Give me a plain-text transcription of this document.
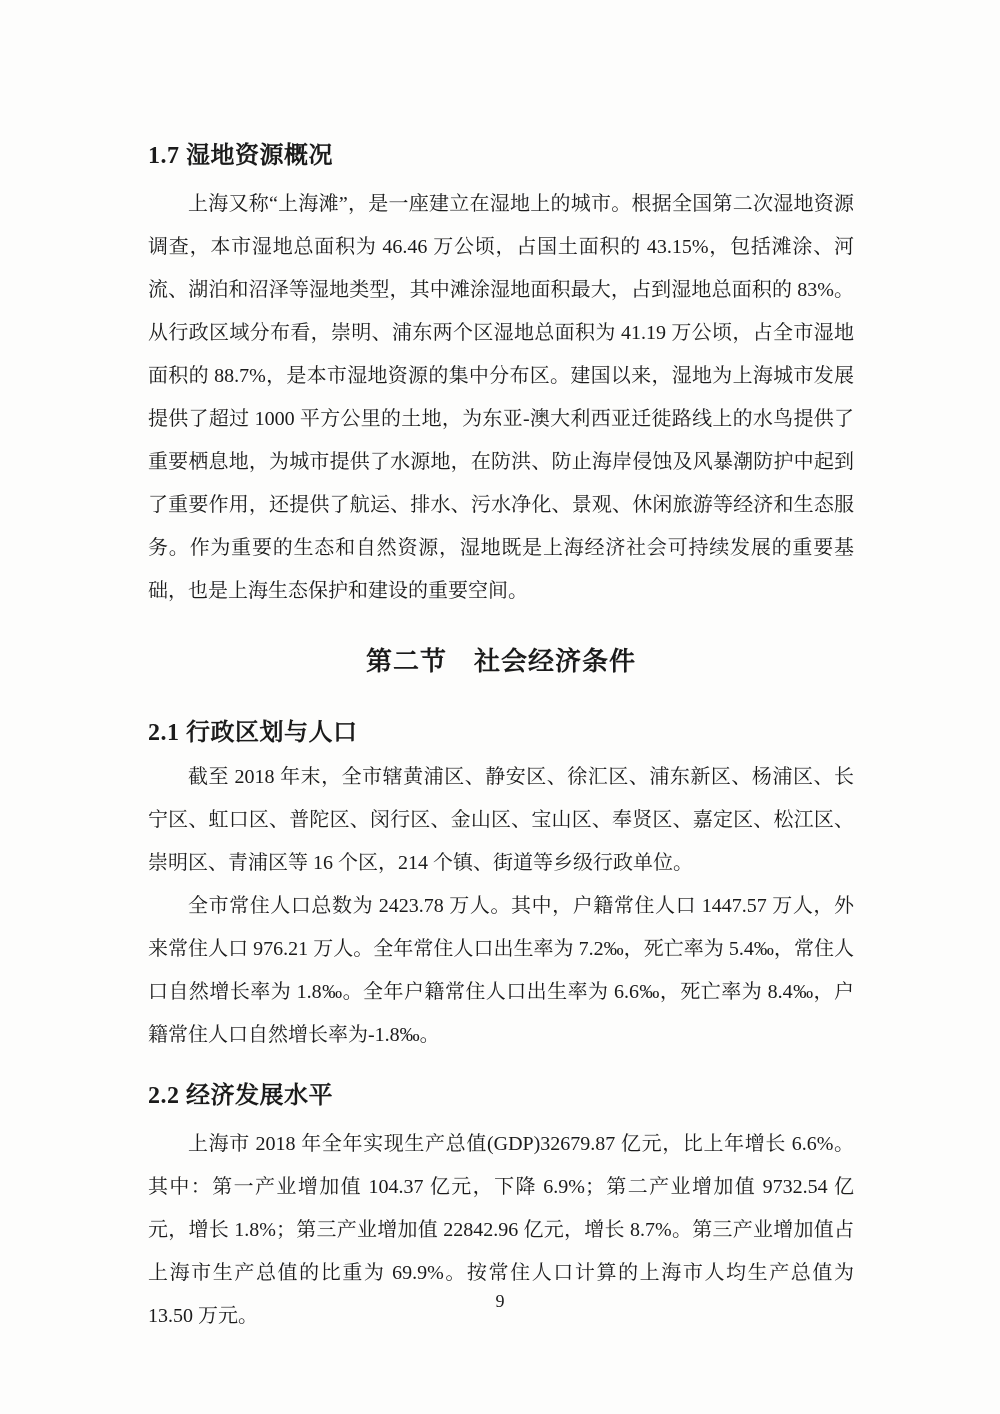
1.7 湿地资源概况

上海又称“上海滩”，是一座建立在湿地上的城市。根据全国第二次湿地资源调查，本市湿地总面积为 46.46 万公顷，占国土面积的 43.15%，包括滩涂、河流、湖泊和沼泽等湿地类型，其中滩涂湿地面积最大，占到湿地总面积的 83%。从行政区域分布看，崇明、浦东两个区湿地总面积为 41.19 万公顷，占全市湿地面积的 88.7%，是本市湿地资源的集中分布区。建国以来，湿地为上海城市发展提供了超过 1000 平方公里的土地，为东亚-澳大利西亚迁徙路线上的水鸟提供了重要栖息地，为城市提供了水源地，在防洪、防止海岸侵蚀及风暴潮防护中起到了重要作用，还提供了航运、排水、污水净化、景观、休闲旅游等经济和生态服务。作为重要的生态和自然资源，湿地既是上海经济社会可持续发展的重要基础，也是上海生态保护和建设的重要空间。

第二节　社会经济条件
2.1 行政区划与人口

截至 2018 年末，全市辖黄浦区、静安区、徐汇区、浦东新区、杨浦区、长宁区、虹口区、普陀区、闵行区、金山区、宝山区、奉贤区、嘉定区、松江区、崇明区、青浦区等 16 个区，214 个镇、街道等乡级行政单位。

全市常住人口总数为 2423.78 万人。其中，户籍常住人口 1447.57 万人，外来常住人口 976.21 万人。全年常住人口出生率为 7.2‰，死亡率为 5.4‰，常住人口自然增长率为 1.8‰。全年户籍常住人口出生率为 6.6‰，死亡率为 8.4‰，户籍常住人口自然增长率为-1.8‰。

2.2 经济发展水平

上海市 2018 年全年实现生产总值(GDP)32679.87 亿元，比上年增长 6.6%。其中：第一产业增加值 104.37 亿元，下降 6.9%；第二产业增加值 9732.54 亿元，增长 1.8%；第三产业增加值 22842.96 亿元，增长 8.7%。第三产业增加值占上海市生产总值的比重为 69.9%。按常住人口计算的上海市人均生产总值为 13.50 万元。

9
